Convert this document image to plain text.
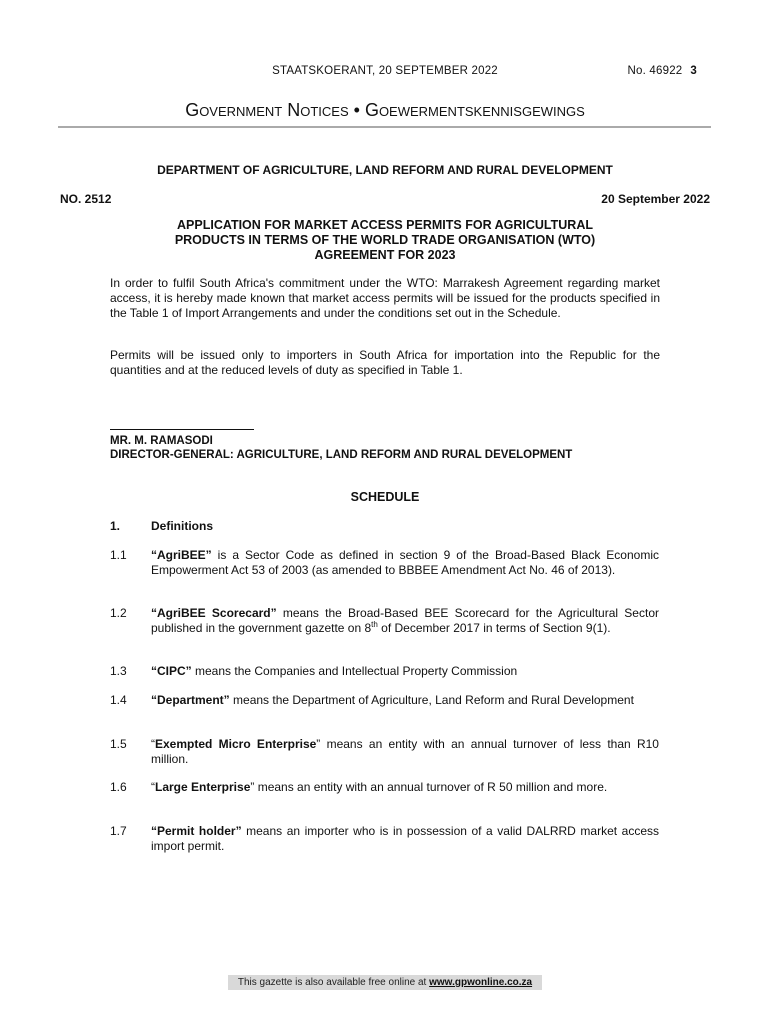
STAATSKOERANT, 20 SEPTEMBER 2022	No. 46922 3
Government Notices • Goewermentskennisgewings
DEPARTMENT OF AGRICULTURE, LAND REFORM AND RURAL DEVELOPMENT
NO. 2512	20 September 2022
APPLICATION FOR MARKET ACCESS PERMITS FOR AGRICULTURAL
PRODUCTS IN TERMS OF THE WORLD TRADE ORGANISATION (WTO)
AGREEMENT FOR 2023
In order to fulfil South Africa's commitment under the WTO: Marrakesh Agreement regarding market access, it is hereby made known that market access permits will be issued for the products specified in the Table 1 of Import Arrangements and under the conditions set out in the Schedule.
Permits will be issued only to importers in South Africa for importation into the Republic for the quantities and at the reduced levels of duty as specified in Table 1.
MR. M. RAMASODI
DIRECTOR-GENERAL: AGRICULTURE, LAND REFORM AND RURAL DEVELOPMENT
SCHEDULE
1.	Definitions
1.1 “AgriBEE” is a Sector Code as defined in section 9 of the Broad-Based Black Economic Empowerment Act 53 of 2003 (as amended to BBBEE Amendment Act No. 46 of 2013).
1.2 “AgriBEE Scorecard” means the Broad-Based BEE Scorecard for the Agricultural Sector published in the government gazette on 8th of December 2017 in terms of Section 9(1).
1.3 “CIPC” means the Companies and Intellectual Property Commission
1.4 “Department” means the Department of Agriculture, Land Reform and Rural Development
1.5 “Exempted Micro Enterprise” means an entity with an annual turnover of less than R10 million.
1.6 “Large Enterprise” means an entity with an annual turnover of R 50 million and more.
1.7 “Permit holder” means an importer who is in possession of a valid DALRRD market access import permit.
This gazette is also available free online at www.gpwonline.co.za
